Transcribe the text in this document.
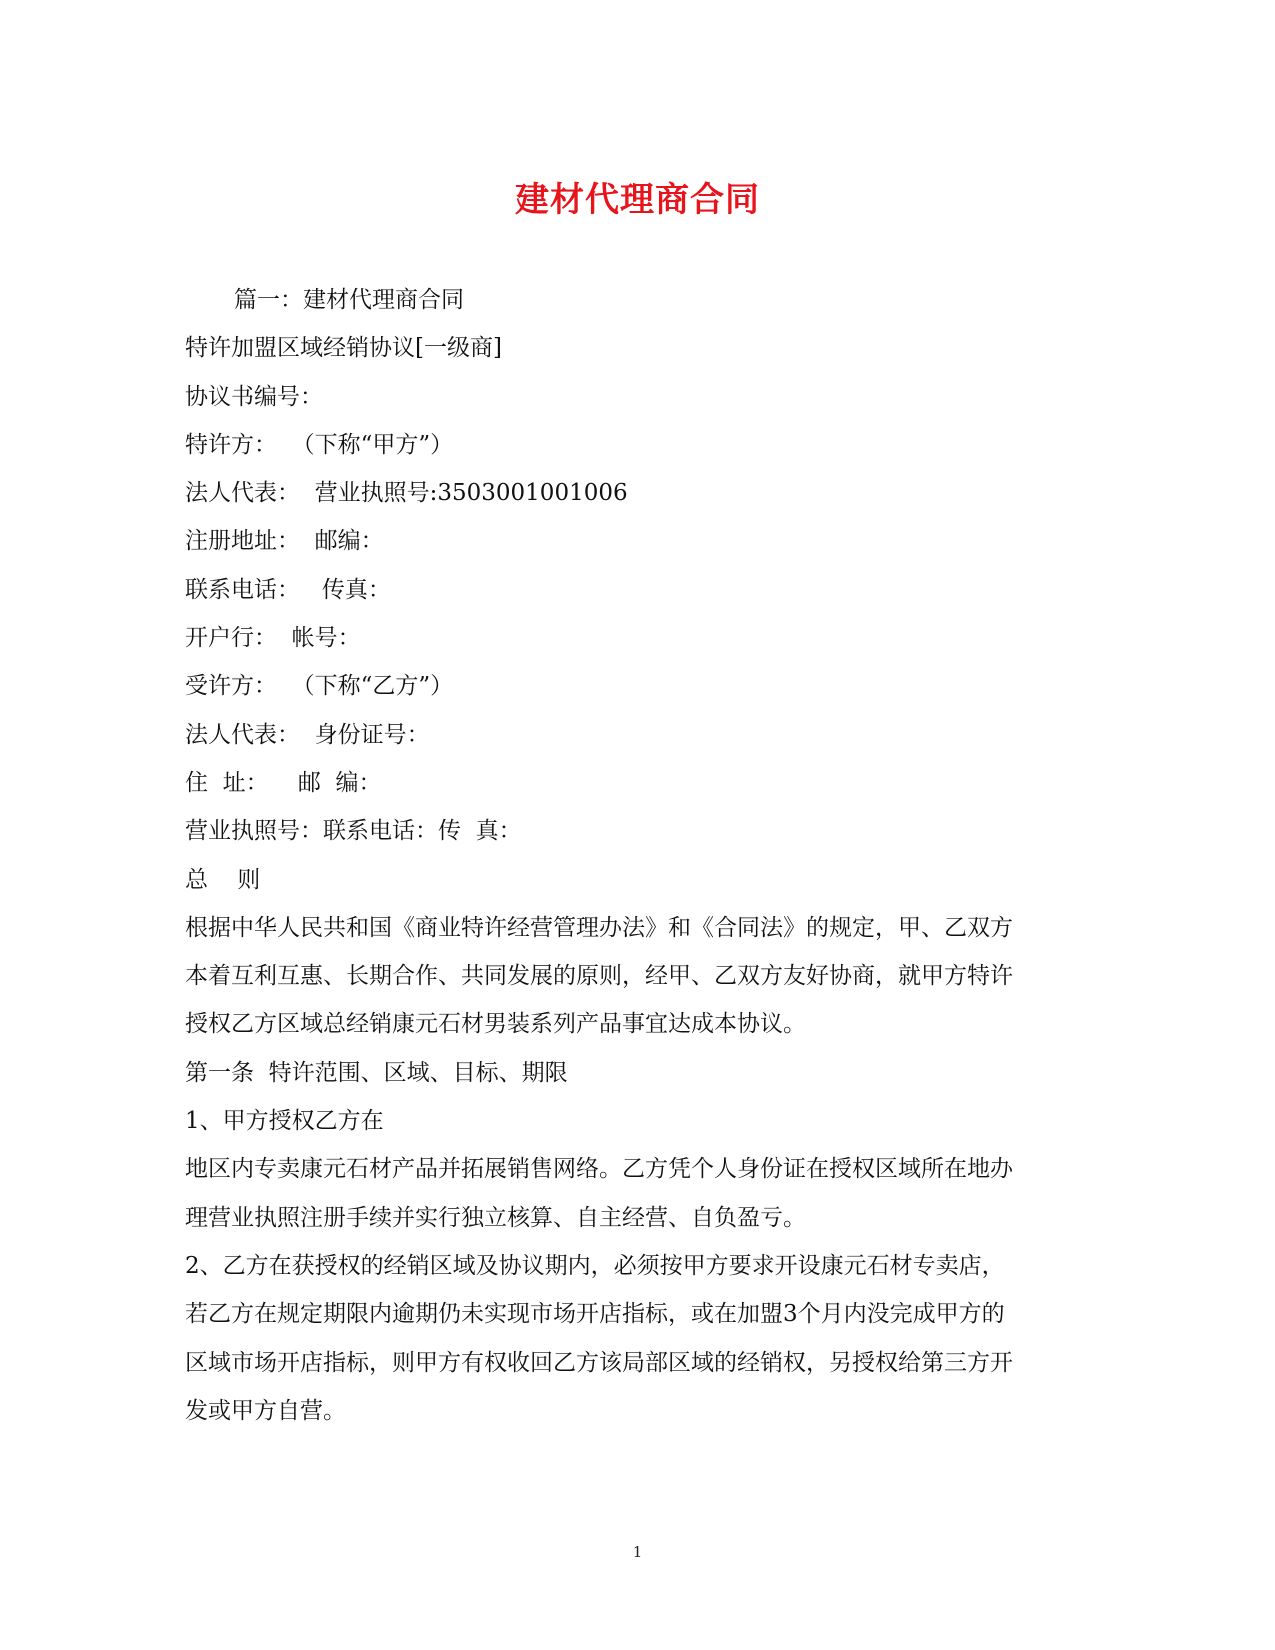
建材代理商合同

篇一：建材代理商合同

特许加盟区域经销协议[一级商]

协议书编号：

特许方：  （下称“甲方”）

法人代表：  营业执照号:3503001001006

注册地址：  邮编：

联系电话：   传真：

开户行：  帐号：

受许方：  （下称“乙方”）

法人代表：  身份证号：

住  址：    邮  编：

营业执照号：联系电话：传  真：

总    则

根据中华人民共和国《商业特许经营管理办法》和《合同法》的规定，甲、乙双方

本着互利互惠、长期合作、共同发展的原则，经甲、乙双方友好协商，就甲方特许

授权乙方区域总经销康元石材男装系列产品事宜达成本协议。

第一条  特许范围、区域、目标、期限

1、甲方授权乙方在

地区内专卖康元石材产品并拓展销售网络。乙方凭个人身份证在授权区域所在地办

理营业执照注册手续并实行独立核算、自主经营、自负盈亏。

2、乙方在获授权的经销区域及协议期内，必须按甲方要求开设康元石材专卖店，

若乙方在规定期限内逾期仍未实现市场开店指标，或在加盟3个月内没完成甲方的

区域市场开店指标，则甲方有权收回乙方该局部区域的经销权，另授权给第三方开

发或甲方自营。

1
